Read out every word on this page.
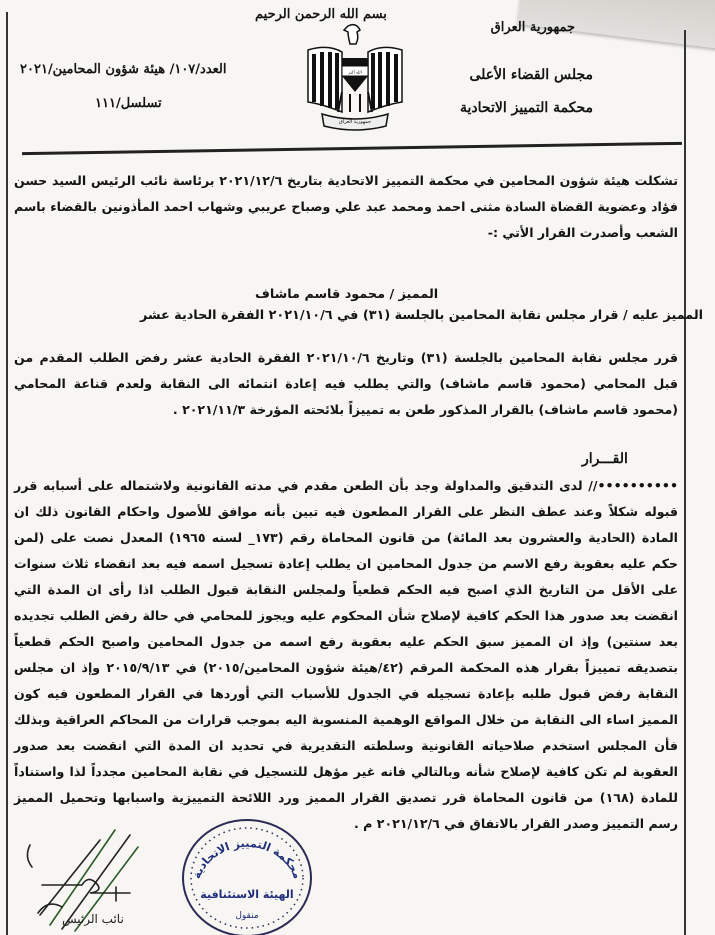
بسم الله الرحمن الرحيم
جمهورية العراق
مجلس القضاء الأعلى
محكمة التمييز الاتحادية
العدد/١٠٧/ هيئة شؤون المحامين/٢٠٢١
تسلسل/١١١
الله أكبر
جمهورية العراق
تشكلت هيئة شؤون المحامين في محكمة التمييز الاتحادية بتاريخ ٢٠٢١/١٢/٦ برئاسة نائب الرئيس السيد حسن فؤاد وعضوية القضاة السادة مثنى احمد ومحمد عبد علي وصباح عريبي وشهاب احمد المأذونين بالقضاء باسم الشعب وأصدرت القرار الأتي :-
المميز / محمود قاسم ماشاف
المميز عليه / قرار مجلس نقابة المحامين بالجلسة (٣١) في ٢٠٢١/١٠/٦ الفقرة الحادية عشر
قرر مجلس نقابة المحامين بالجلسة (٣١) وتاريخ ٢٠٢١/١٠/٦ الفقرة الحادية عشر رفض الطلب المقدم من قبل المحامي (محمود قاسم ماشاف) والتي يطلب فيه إعادة انتمائه الى النقابة ولعدم قناعة المحامي (محمود قاسم ماشاف) بالقرار المذكور طعن به تمييزاً بلائحته المؤرخة ٢٠٢١/١١/٣ .
القـــرار
••••••••••// لدى التدقيق والمداولة وجد بأن الطعن مقدم في مدته القانونية ولاشتماله على أسبابه قرر قبوله شكلاً وعند عطف النظر على القرار المطعون فيه تبين بأنه موافق للأصول واحكام القانون ذلك ان المادة (الحادية والعشرون بعد المائة) من قانون المحاماة رقم (١٧٣_ لسنه ١٩٦٥) المعدل نصت على (لمن حكم عليه بعقوبة رفع الاسم من جدول المحامين ان يطلب إعادة تسجيل اسمه فيه بعد انقضاء ثلاث سنوات على الأقل من التاريخ الذي اصبح فيه الحكم قطعياً ولمجلس النقابة قبول الطلب اذا رأى ان المدة التي انقضت بعد صدور هذا الحكم كافية لإصلاح شأن المحكوم عليه ويجوز للمحامي في حالة رفض الطلب تجديده بعد سنتين) وإذ ان المميز سبق الحكم عليه بعقوبة رفع اسمه من جدول المحامين واصبح الحكم قطعياً بتصديقه تمييزاً بقرار هذه المحكمة المرقم (٤٢/هيئة شؤون المحامين/٢٠١٥) في ٢٠١٥/٩/١٣ وإذ ان مجلس النقابة رفض قبول طلبه بإعادة تسجيله في الجدول للأسباب التي أوردها في القرار المطعون فيه كون المميز اساء الى النقابة من خلال المواقع الوهمية المنسوبة اليه بموجب قرارات من المحاكم العراقية وبذلك فأن المجلس استخدم صلاحياته القانونية وسلطته التقديرية في تحديد ان المدة التي انقضت بعد صدور العقوبة لم تكن كافية لإصلاح شأنه وبالتالي فانه غير مؤهل للتسجيل في نقابة المحامين مجدداً لذا واستناداً للمادة (١٦٨) من قانون المحاماة قرر تصديق القرار المميز ورد اللائحة التمييزية واسبابها وتحميل المميز رسم التمييز وصدر القرار بالاتفاق في ٢٠٢١/١٢/٦ م .
محكمة التمييز الاتحادية
الهيئة الاستئنافية
منقول
نائب الرئيس
